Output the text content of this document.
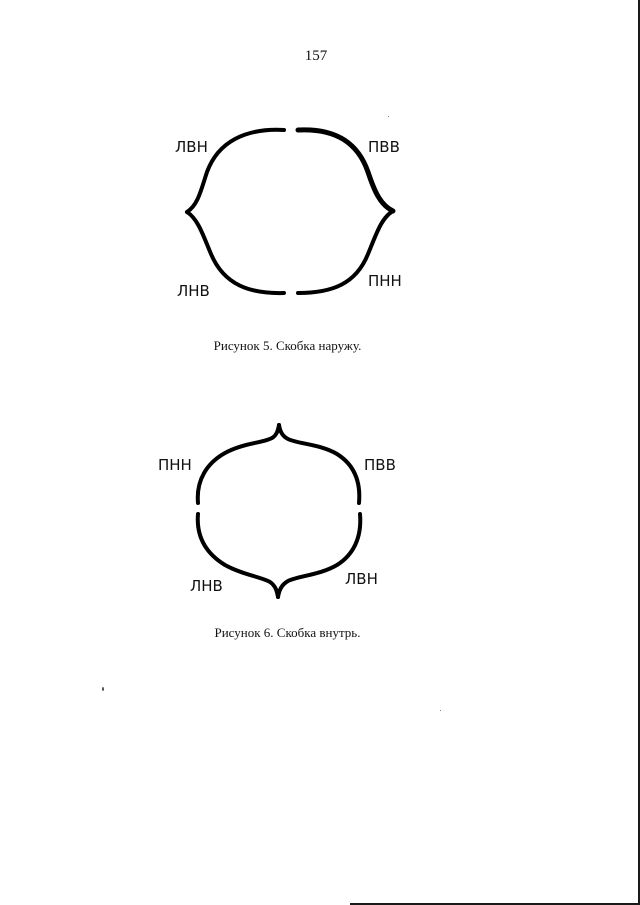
157
ЛВН	ПВВ
ЛНВ
ПНН
Рисунок 5. Скобка наружу.
ПНН	ПВВ
ЛНВ	ЛВН
Рисунок 6. Скобка внутрь.
